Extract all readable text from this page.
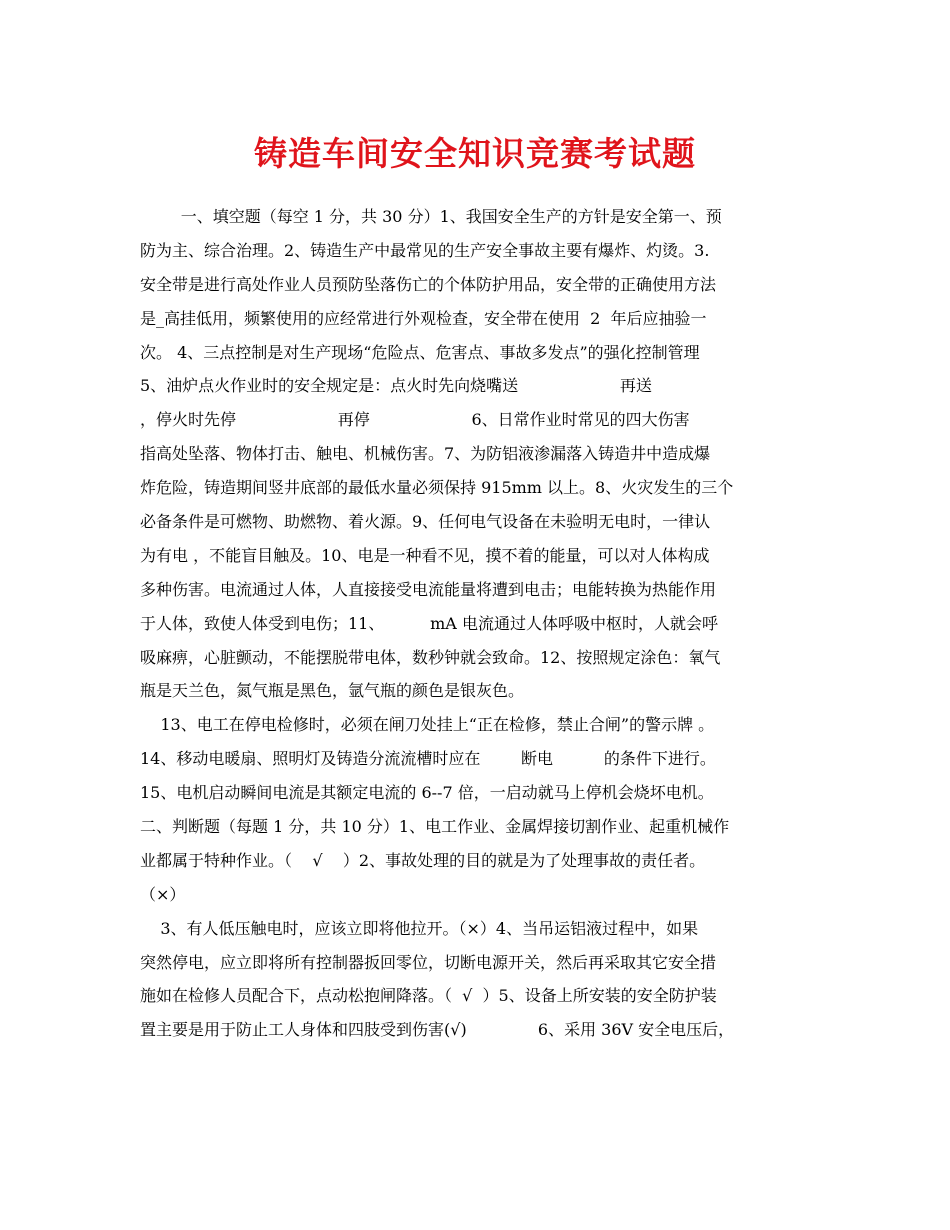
铸造车间安全知识竞赛考试题
一、填空题（每空 1 分，共 30 分）1、我国安全生产的方针是安全第一、预
防为主、综合治理。2、铸造生产中最常见的生产安全事故主要有爆炸、灼烫。3.
安全带是进行高处作业人员预防坠落伤亡的个体防护用品，安全带的正确使用方法
是_高挂低用，频繁使用的应经常进行外观检查，安全带在使用  2  年后应抽验一
次。 4、三点控制是对生产现场“危险点、危害点、事故多发点”的强化控制管理
5、油炉点火作业时的安全规定是：点火时先向烧嘴送                    再送
，停火时先停                    再停                    6、日常作业时常见的四大伤害
指高处坠落、物体打击、触电、机械伤害。7、为防铝液渗漏落入铸造井中造成爆
炸危险，铸造期间竖井底部的最低水量必须保持 915mm 以上。8、火灾发生的三个
必备条件是可燃物、助燃物、着火源。9、任何电气设备在未验明无电时，一律认
为有电 ，不能盲目触及。10、电是一种看不见，摸不着的能量，可以对人体构成
多种伤害。电流通过人体，人直接接受电流能量将遭到电击；电能转换为热能作用
于人体，致使人体受到电伤；11、         mA 电流通过人体呼吸中枢时，人就会呼
吸麻痹，心脏颤动，不能摆脱带电体，数秒钟就会致命。12、按照规定涂色：氧气
瓶是天兰色，氮气瓶是黑色，氩气瓶的颜色是银灰色。
13、电工在停电检修时，必须在闸刀处挂上“正在检修，禁止合闸”的警示牌 。
14、移动电暖扇、照明灯及铸造分流流槽时应在        断电          的条件下进行。
15、电机启动瞬间电流是其额定电流的 6--7 倍，一启动就马上停机会烧坏电机。
二、判断题（每题 1 分，共 10 分）1、电工作业、金属焊接切割作业、起重机械作
业都属于特种作业。（    √    ）2、事故处理的目的就是为了处理事故的责任者。
（×）
3、有人低压触电时，应该立即将他拉开。（×）4、当吊运铝液过程中，如果
突然停电，应立即将所有控制器扳回零位，切断电源开关，然后再采取其它安全措
施如在检修人员配合下，点动松抱闸降落。（  √  ）5、设备上所安装的安全防护装
置主要是用于防止工人身体和四肢受到伤害(√)              6、采用 36V 安全电压后，
